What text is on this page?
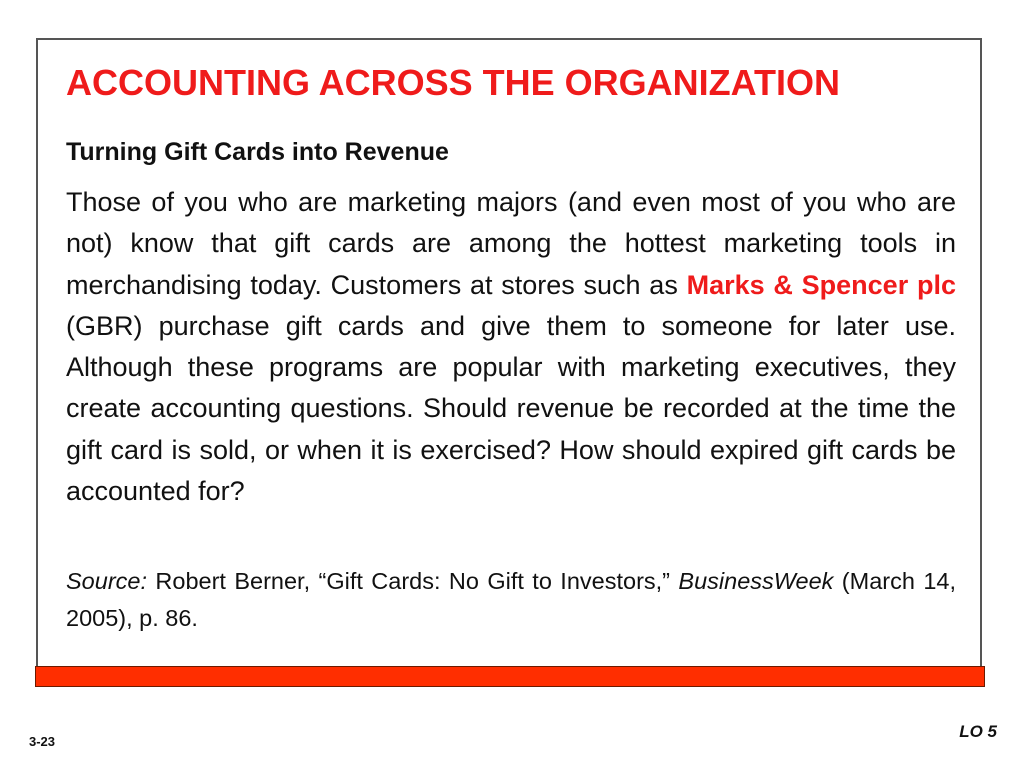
ACCOUNTING ACROSS THE ORGANIZATION
Turning Gift Cards into Revenue

Those of you who are marketing majors (and even most of you who are not) know that gift cards are among the hottest marketing tools in merchandising today. Customers at stores such as Marks & Spencer plc (GBR) purchase gift cards and give them to someone for later use. Although these programs are popular with marketing executives, they create accounting questions. Should revenue be recorded at the time the gift card is sold, or when it is exercised? How should expired gift cards be accounted for?

Source: Robert Berner, “Gift Cards: No Gift to Investors,” BusinessWeek (March 14, 2005), p. 86.

3-23
LO 5
